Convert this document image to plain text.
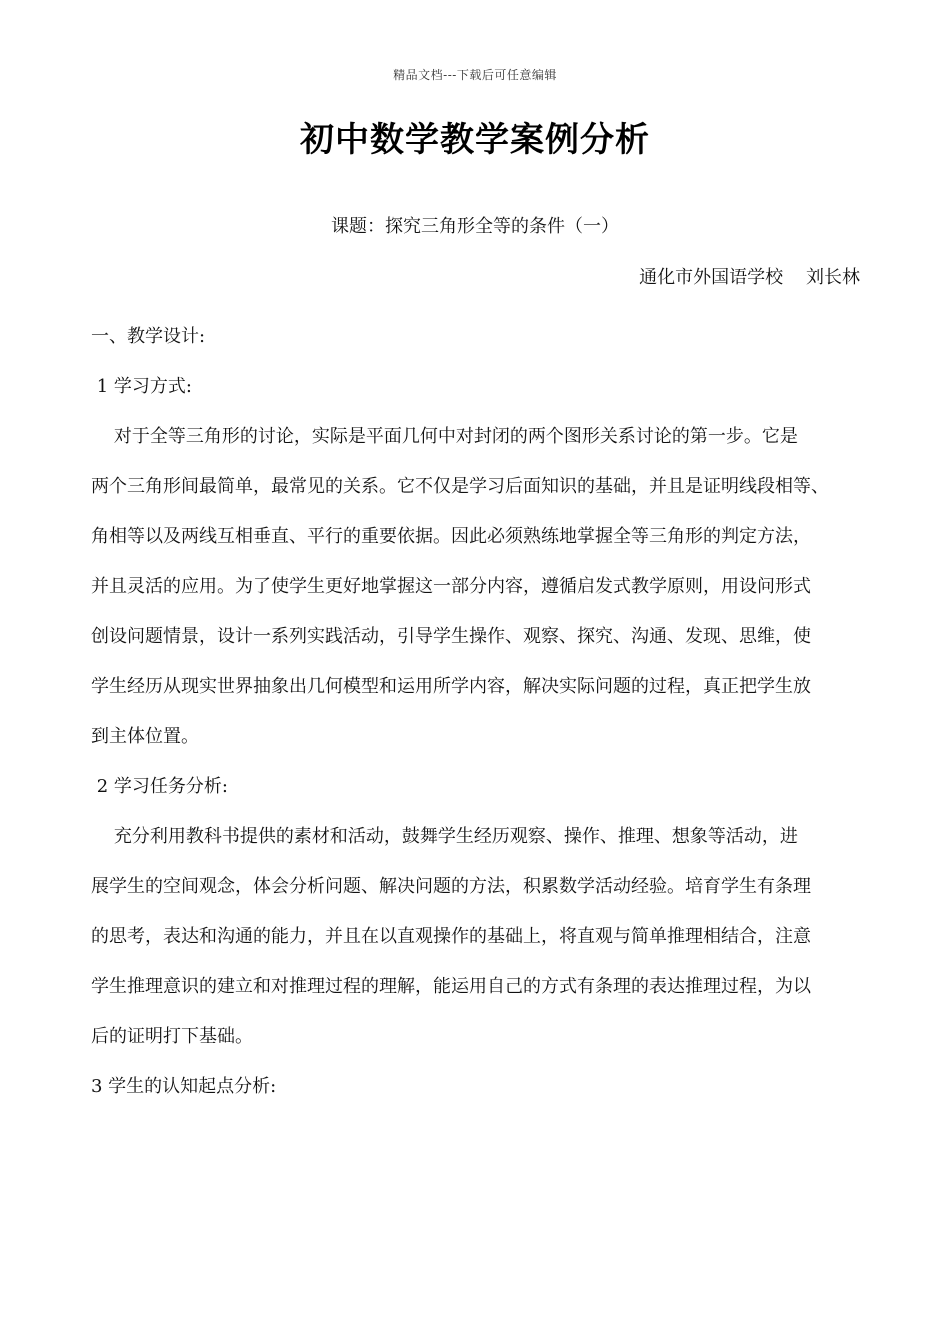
精品文档---下载后可任意编辑
初中数学教学案例分析
课题：探究三角形全等的条件（一）
通化市外国语学校    刘长林
一、教学设计:
1 学习方式:
对于全等三角形的讨论，实际是平面几何中对封闭的两个图形关系讨论的第一步。它是
两个三角形间最简单，最常见的关系。它不仅是学习后面知识的基础，并且是证明线段相等、
角相等以及两线互相垂直、平行的重要依据。因此必须熟练地掌握全等三角形的判定方法，
并且灵活的应用。为了使学生更好地掌握这一部分内容，遵循启发式教学原则，用设问形式
创设问题情景，设计一系列实践活动，引导学生操作、观察、探究、沟通、发现、思维，使
学生经历从现实世界抽象出几何模型和运用所学内容，解决实际问题的过程，真正把学生放
到主体位置。
2 学习任务分析:
充分利用教科书提供的素材和活动，鼓舞学生经历观察、操作、推理、想象等活动，进
展学生的空间观念，体会分析问题、解决问题的方法，积累数学活动经验。培育学生有条理
的思考，表达和沟通的能力，并且在以直观操作的基础上，将直观与简单推理相结合，注意
学生推理意识的建立和对推理过程的理解，能运用自己的方式有条理的表达推理过程，为以
后的证明打下基础。
3 学生的认知起点分析:
